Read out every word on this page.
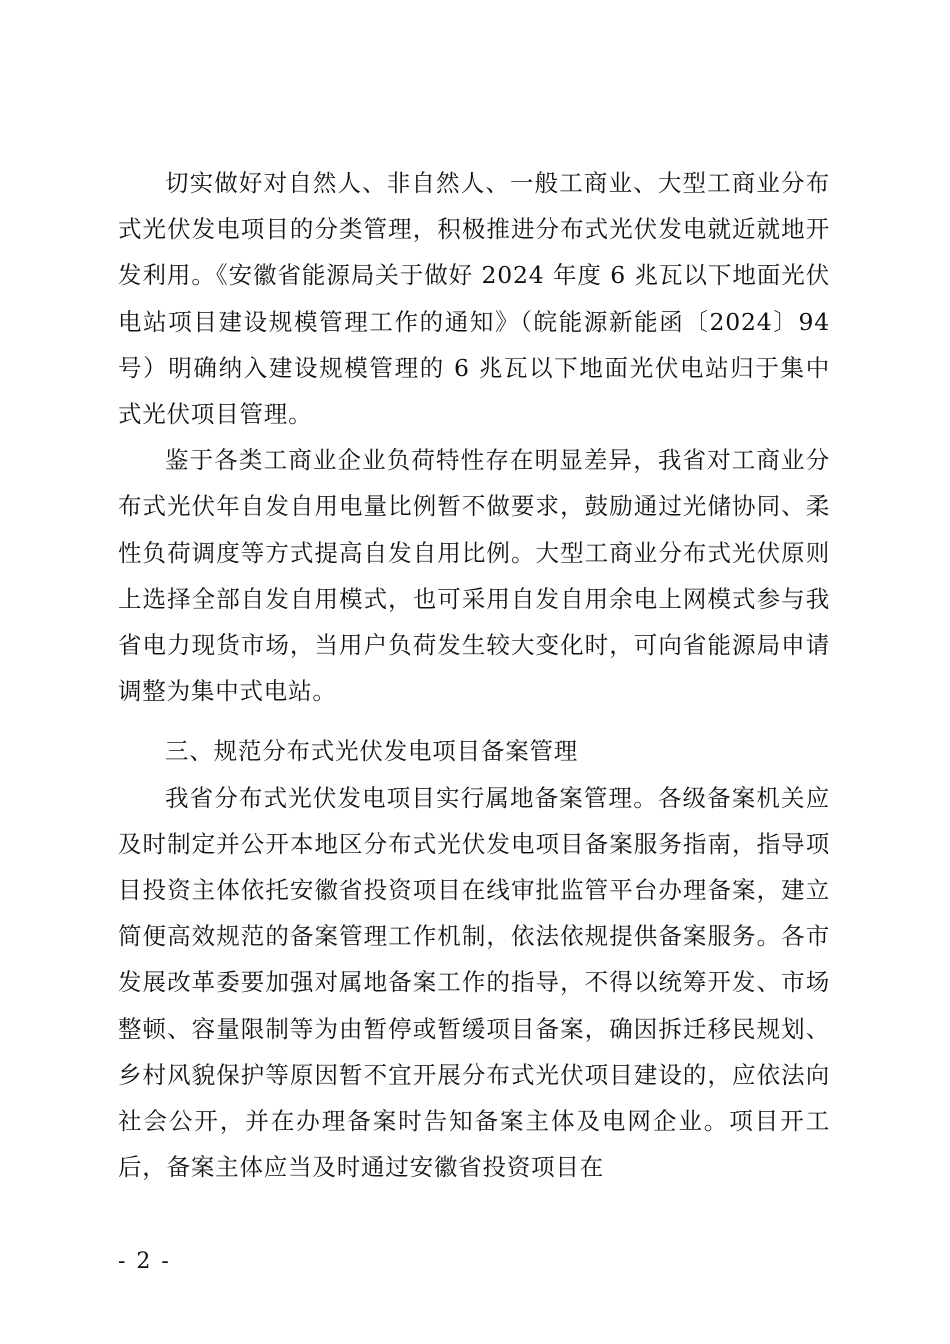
切实做好对自然人、非自然人、一般工商业、大型工商业分布式光伏发电项目的分类管理，积极推进分布式光伏发电就近就地开发利用。《安徽省能源局关于做好 2024 年度 6 兆瓦以下地面光伏电站项目建设规模管理工作的通知》（皖能源新能函〔2024〕94 号）明确纳入建设规模管理的 6 兆瓦以下地面光伏电站归于集中式光伏项目管理。

鉴于各类工商业企业负荷特性存在明显差异，我省对工商业分布式光伏年自发自用电量比例暂不做要求，鼓励通过光储协同、柔性负荷调度等方式提高自发自用比例。大型工商业分布式光伏原则上选择全部自发自用模式，也可采用自发自用余电上网模式参与我省电力现货市场，当用户负荷发生较大变化时，可向省能源局申请调整为集中式电站。

三、规范分布式光伏发电项目备案管理

我省分布式光伏发电项目实行属地备案管理。各级备案机关应及时制定并公开本地区分布式光伏发电项目备案服务指南，指导项目投资主体依托安徽省投资项目在线审批监管平台办理备案，建立简便高效规范的备案管理工作机制，依法依规提供备案服务。各市发展改革委要加强对属地备案工作的指导，不得以统筹开发、市场整顿、容量限制等为由暂停或暂缓项目备案，确因拆迁移民规划、乡村风貌保护等原因暂不宜开展分布式光伏项目建设的，应依法向社会公开，并在办理备案时告知备案主体及电网企业。项目开工后，备案主体应当及时通过安徽省投资项目在

- 2 -
